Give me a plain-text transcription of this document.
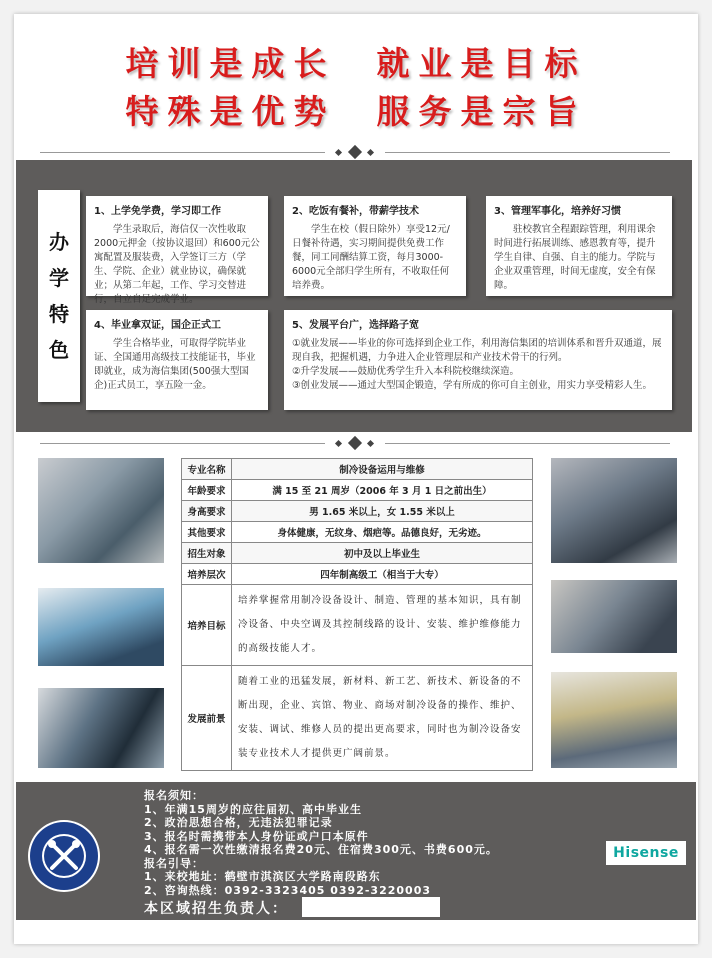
培训是成长  就业是目标
特殊是优势  服务是宗旨
办
学
特
色
1、上学免学费，学习即工作

学生录取后，海信仅一次性收取2000元押金（按协议退回）和600元公寓配置及服装费，入学签订三方（学生、学院、企业）就业协议，确保就业；从第二年起，工作、学习交替进行，自立自足完成学业。

2、吃饭有餐补，带薪学技术

学生在校（假日除外）享受12元/日餐补待遇，实习期间提供免费工作餐，同工同酬结算工资，每月3000-6000元全部归学生所有，不收取任何培养费。

3、管理军事化，培养好习惯

驻校教官全程跟踪管理，利用课余时间进行拓展训练、感恩教育等，提升学生自律、自强、自主的能力。学院与企业双重管理，时间无虚度，安全有保障。

4、毕业拿双证，国企正式工

学生合格毕业，可取得学院毕业证、全国通用高级技工技能证书，毕业即就业，成为海信集团(500强大型国企)正式员工，享五险一金。

5、发展平台广，选择路子宽

①就业发展——毕业的你可选择到企业工作，利用海信集团的培训体系和晋升双通道，展现自我，把握机遇，力争进入企业管理层和产业技术骨干的行列。

②升学发展——鼓励优秀学生升入本科院校继续深造。

③创业发展——通过大型国企锻造，学有所成的你可自主创业，用实力享受精彩人生。

专业名称	制冷设备运用与维修
年龄要求	满 15 至 21 周岁（2006 年 3 月 1 日之前出生）
身高要求	男 1.65 米以上，女 1.55 米以上
其他要求	身体健康，无纹身、烟疤等。品德良好，无劣迹。
招生对象	初中及以上毕业生
培养层次	四年制高级工（相当于大专）
培养目标	培养掌握常用制冷设备设计、制造、管理的基本知识，具有制冷设备、中央空调及其控制线路的设计、安装、维护维修能力的高级技能人才。
发展前景	随着工业的迅猛发展，新材料、新工艺、新技术、新设备的不断出现，企业、宾馆、物业、商场对制冷设备的操作、维护、安装、调试、维修人员的提出更高要求，同时也为制冷设备安装专业技术人才提供更广阔前景。
报名须知：
1、年满15周岁的应往届初、高中毕业生
2、政治思想合格，无违法犯罪记录
3、报名时需携带本人身份证或户口本原件
4、报名需一次性缴清报名费20元、住宿费300元、书费600元。
报名引导：
1、来校地址：鹤壁市淇滨区大学路南段路东
2、咨询热线：0392-3323405 0392-3220003
本区域招生负责人：
Hisense
